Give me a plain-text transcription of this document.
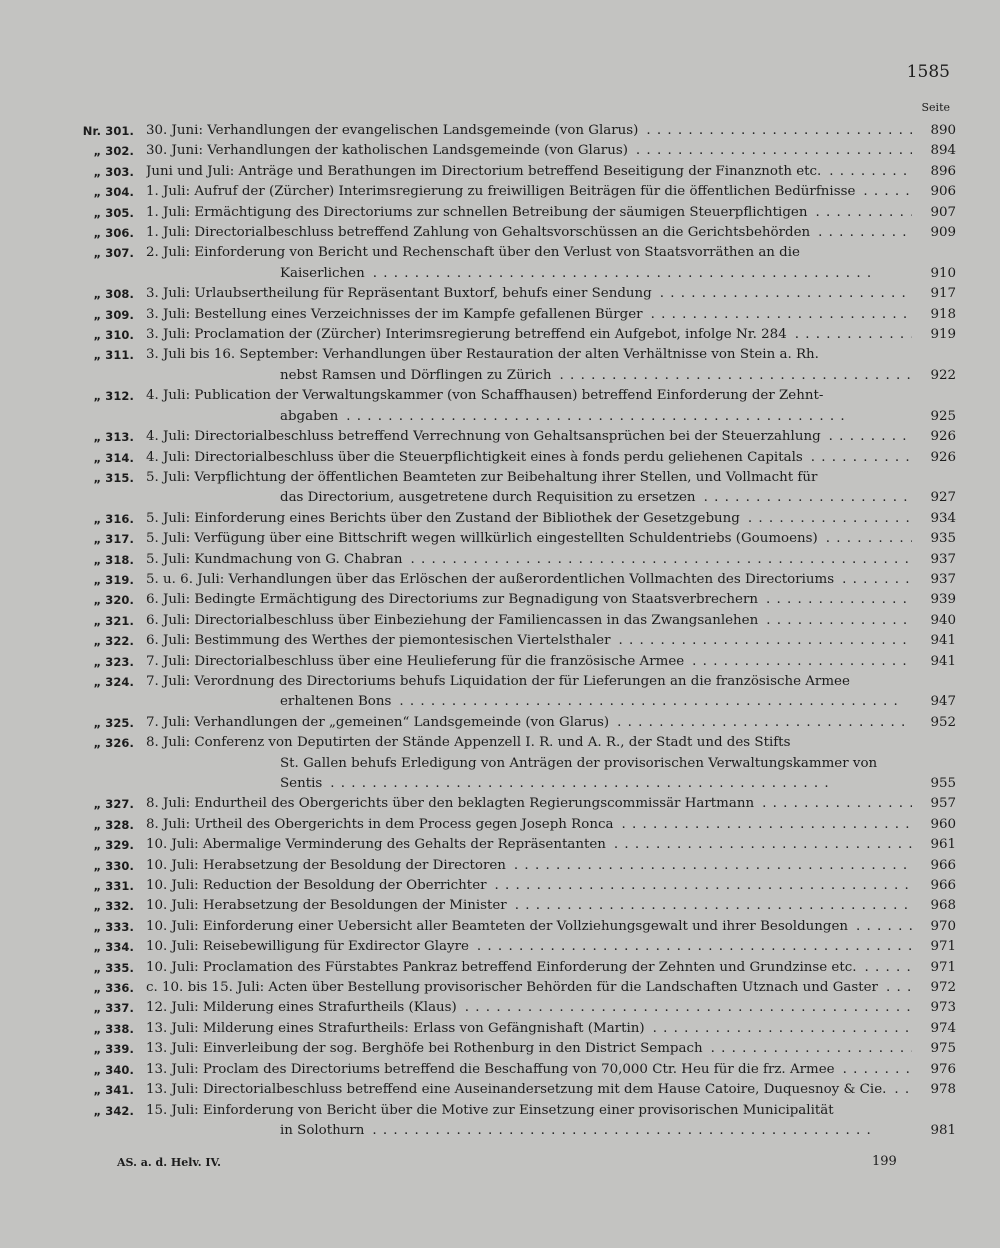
1585
Seite
Nr. 301. 30. Juni: Verhandlungen der evangelischen Landsgemeinde (von Glarus) . .	890
„ 302. 30. Juni: Verhandlungen der katholischen Landsgemeinde (von Glarus) . .	894
„ 303. Juni und Juli: Anträge und Berathungen im Directorium betreffend Beseitigung der Finanznoth etc. . .	896
„ 304. 1. Juli: Aufruf der (Zürcher) Interimsregierung zu freiwilligen Beiträgen für die öffentlichen Bedürfnisse . .	906
„ 305. 1. Juli: Ermächtigung des Directoriums zur schnellen Betreibung der säumigen Steuerpflichtigen . .	907
„ 306. 1. Juli: Directorialbeschluss betreffend Zahlung von Gehaltsvorschüssen an die Gerichtsbehörden . .	909
„ 307. 2. Juli: Einforderung von Bericht und Rechenschaft über den Verlust von Staatsvorräthen an die
Kaiserlichen . .	910
„ 308. 3. Juli: Urlaubsertheilung für Repräsentant Buxtorf, behufs einer Sendung . .	917
„ 309. 3. Juli: Bestellung eines Verzeichnisses der im Kampfe gefallenen Bürger . .	918
„ 310. 3. Juli: Proclamation der (Zürcher) Interimsregierung betreffend ein Aufgebot, infolge Nr. 284 . .	919
„ 311. 3. Juli bis 16. September: Verhandlungen über Restauration der alten Verhältnisse von Stein a. Rh.
nebst Ramsen und Dörflingen zu Zürich . .	922
„ 312. 4. Juli: Publication der Verwaltungskammer (von Schaffhausen) betreffend Einforderung der Zehnt-
abgaben . .	925
„ 313. 4. Juli: Directorialbeschluss betreffend Verrechnung von Gehaltsansprüchen bei der Steuerzahlung . .	926
„ 314. 4. Juli: Directorialbeschluss über die Steuerpflichtigkeit eines à fonds perdu geliehenen Capitals . .	926
„ 315. 5. Juli: Verpflichtung der öffentlichen Beamteten zur Beibehaltung ihrer Stellen, und Vollmacht für
das Directorium, ausgetretene durch Requisition zu ersetzen . .	927
„ 316. 5. Juli: Einforderung eines Berichts über den Zustand der Bibliothek der Gesetzgebung . .	934
„ 317. 5. Juli: Verfügung über eine Bittschrift wegen willkürlich eingestellten Schuldentriebs (Goumoens) . .	935
„ 318. 5. Juli: Kundmachung von G. Chabran . .	937
„ 319. 5. u. 6. Juli: Verhandlungen über das Erlöschen der außerordentlichen Vollmachten des Directoriums . .	937
„ 320. 6. Juli: Bedingte Ermächtigung des Directoriums zur Begnadigung von Staatsverbrechern . .	939
„ 321. 6. Juli: Directorialbeschluss über Einbeziehung der Familiencassen in das Zwangsanlehen . .	940
„ 322. 6. Juli: Bestimmung des Werthes der piemontesischen Viertelsthaler . .	941
„ 323. 7. Juli: Directorialbeschluss über eine Heulieferung für die französische Armee . .	941
„ 324. 7. Juli: Verordnung des Directoriums behufs Liquidation der für Lieferungen an die französische Armee
erhaltenen Bons . .	947
„ 325. 7. Juli: Verhandlungen der „gemeinen“ Landsgemeinde (von Glarus) . .	952
„ 326. 8. Juli: Conferenz von Deputirten der Stände Appenzell I. R. und A. R., der Stadt und des Stifts
St. Gallen behufs Erledigung von Anträgen der provisorischen Verwaltungskammer von
Sentis . .	955
„ 327. 8. Juli: Endurtheil des Obergerichts über den beklagten Regierungscommissär Hartmann . .	957
„ 328. 8. Juli: Urtheil des Obergerichts in dem Process gegen Joseph Ronca . .	960
„ 329. 10. Juli: Abermalige Verminderung des Gehalts der Repräsentanten . .	961
„ 330. 10. Juli: Herabsetzung der Besoldung der Directoren . .	966
„ 331. 10. Juli: Reduction der Besoldung der Oberrichter . .	966
„ 332. 10. Juli: Herabsetzung der Besoldungen der Minister . .	968
„ 333. 10. Juli: Einforderung einer Uebersicht aller Beamteten der Vollziehungsgewalt und ihrer Besoldungen . .	970
„ 334. 10. Juli: Reisebewilligung für Exdirector Glayre . .	971
„ 335. 10. Juli: Proclamation des Fürstabtes Pankraz betreffend Einforderung der Zehnten und Grundzinse etc. . .	971
„ 336. c. 10. bis 15. Juli: Acten über Bestellung provisorischer Behörden für die Landschaften Utznach und Gaster . .	972
„ 337. 12. Juli: Milderung eines Strafurtheils (Klaus) . .	973
„ 338. 13. Juli: Milderung eines Strafurtheils: Erlass von Gefängnishaft (Martin) . .	974
„ 339. 13. Juli: Einverleibung der sog. Berghöfe bei Rothenburg in den District Sempach . .	975
„ 340. 13. Juli: Proclam des Directoriums betreffend die Beschaffung von 70,000 Ctr. Heu für die frz. Armee . .	976
„ 341. 13. Juli: Directorialbeschluss betreffend eine Auseinandersetzung mit dem Hause Catoire, Duquesnoy & Cie. . .	978
„ 342. 15. Juli: Einforderung von Bericht über die Motive zur Einsetzung einer provisorischen Municipalität
in Solothurn . .	981
AS. a. d. Helv. IV.	199
